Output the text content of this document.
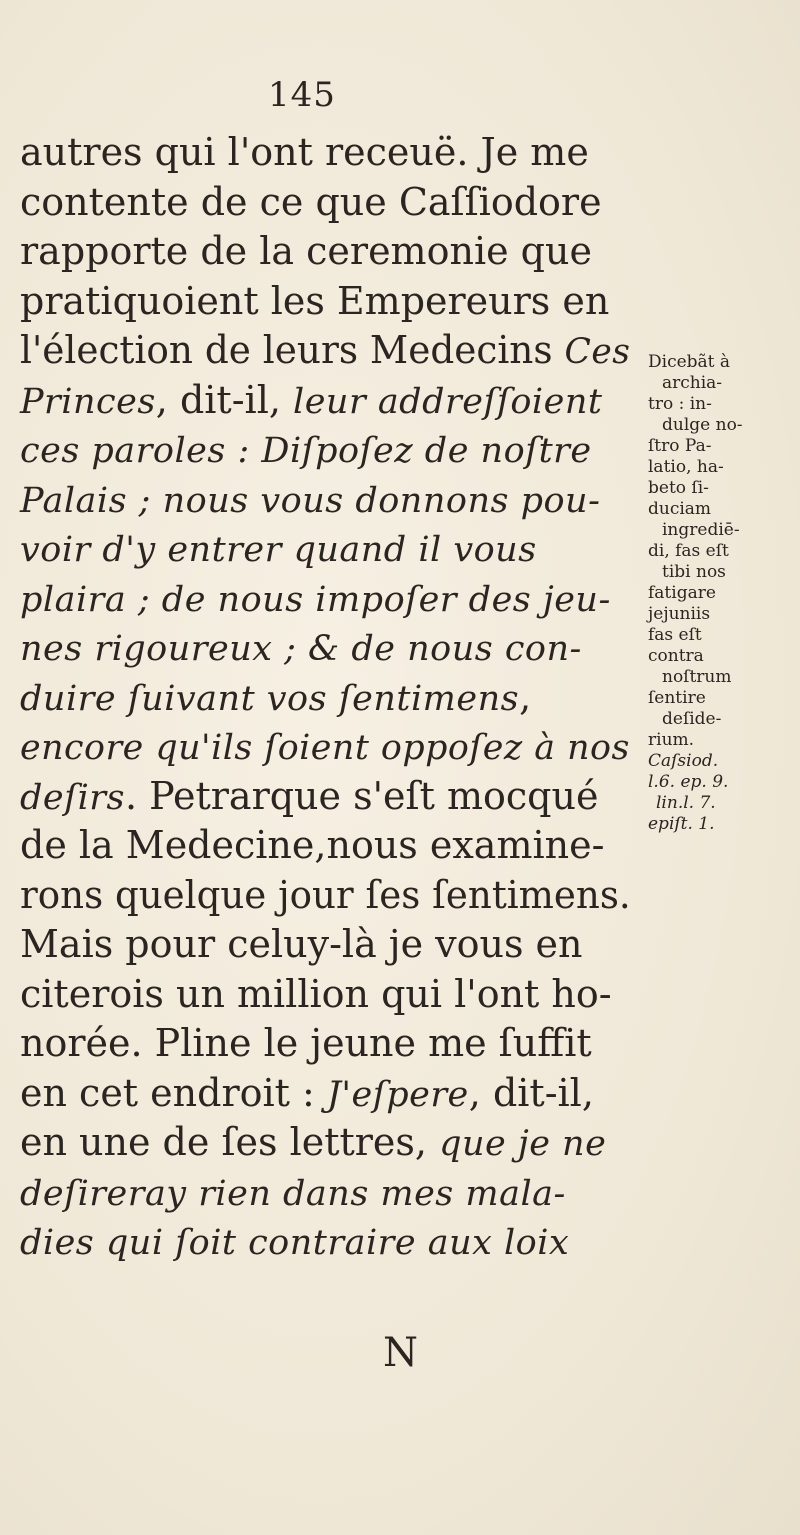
145
autres qui l'ont receuë. Je me
contente de ce que Caſſiodore
rapporte de la ceremonie que
pratiquoient les Empereurs en
l'élection de leurs Medecins Ces
Princes, dit-il, leur addreſſoient
ces paroles : Diſpoſez de noſtre
Palais ; nous vous donnons pou-
voir d'y entrer quand il vous
plaira ; de nous impoſer des jeu-
nes rigoureux ; & de nous con-
duire ſuivant vos ſentimens,
encore qu'ils ſoient oppoſez à nos
deſirs. Petrarque s'eſt mocqué
de la Medecine,nous examine-
rons quelque jour ſes ſentimens.
Mais pour celuy-là je vous en
citerois un million qui l'ont ho-
norée. Pline le jeune me ſuffit
en cet endroit : J'eſpere, dit-il,
en une de ſes lettres, que je ne
deſireray rien dans mes mala-
dies qui ſoit contraire aux loix
Dicebãt à
archia-
tro : in-
dulge no-
ſtro Pa-
latio, ha-
beto ſi-
duciam
ingrediē-
di, fas eſt
tibi nos
fatigare
jejuniis
fas eſt
contra
noſtrum
ſentire
deſide-
rium.
Caſsiod.
l.6. ep. 9.
lin.l. 7.
epiſt. 1.
N
